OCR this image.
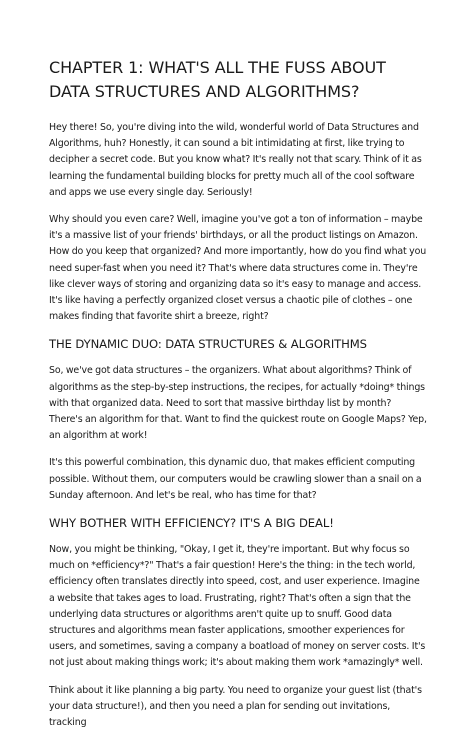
CHAPTER 1: WHAT'S ALL THE FUSS ABOUT DATA STRUCTURES AND ALGORITHMS?

Hey there! So, you're diving into the wild, wonderful world of Data Structures and Algorithms, huh? Honestly, it can sound a bit intimidating at first, like trying to decipher a secret code. But you know what? It's really not that scary. Think of it as learning the fundamental building blocks for pretty much all of the cool software and apps we use every single day. Seriously!

Why should you even care? Well, imagine you've got a ton of information – maybe it's a massive list of your friends' birthdays, or all the product listings on Amazon. How do you keep that organized? And more importantly, how do you find what you need super-fast when you need it? That's where data structures come in. They're like clever ways of storing and organizing data so it's easy to manage and access. It's like having a perfectly organized closet versus a chaotic pile of clothes – one makes finding that favorite shirt a breeze, right?

THE DYNAMIC DUO: DATA STRUCTURES & ALGORITHMS

So, we've got data structures – the organizers. What about algorithms? Think of algorithms as the step-by-step instructions, the recipes, for actually *doing* things with that organized data. Need to sort that massive birthday list by month? There's an algorithm for that. Want to find the quickest route on Google Maps? Yep, an algorithm at work!

It's this powerful combination, this dynamic duo, that makes efficient computing possible. Without them, our computers would be crawling slower than a snail on a Sunday afternoon. And let's be real, who has time for that?

WHY BOTHER WITH EFFICIENCY? IT'S A BIG DEAL!

Now, you might be thinking, "Okay, I get it, they're important. But why focus so much on *efficiency*?" That's a fair question! Here's the thing: in the tech world, efficiency often translates directly into speed, cost, and user experience. Imagine a website that takes ages to load. Frustrating, right? That's often a sign that the underlying data structures or algorithms aren't quite up to snuff. Good data structures and algorithms mean faster applications, smoother experiences for users, and sometimes, saving a company a boatload of money on server costs. It's not just about making things work; it's about making them work *amazingly* well.

Think about it like planning a big party. You need to organize your guest list (that's your data structure!), and then you need a plan for sending out invitations, tracking
